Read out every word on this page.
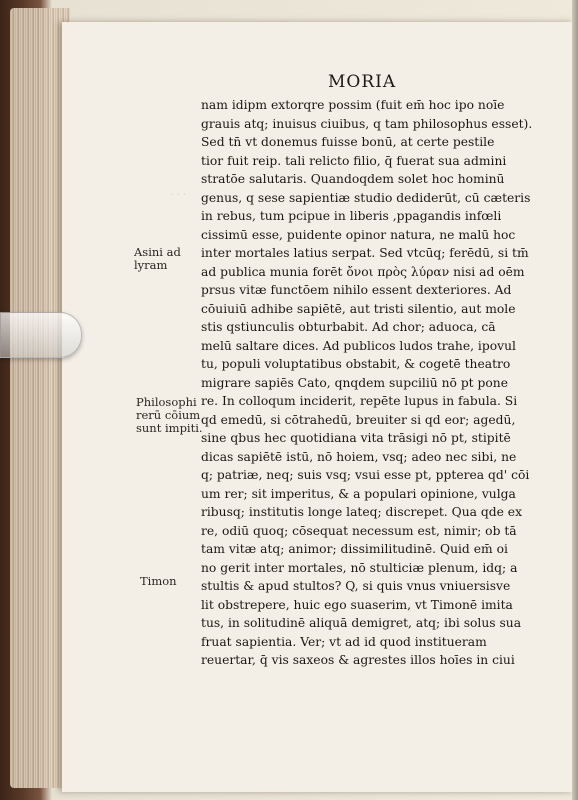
· · ·
MORIA
Asini ad
lyram
Philosophi
rerū cōium
sunt impiti.
Timon
nam idipm extorqre possim (fuit em̄ hoc ipo noīe
grauis atq; inuisus ciuibus, q tam philosophus esset).
Sed tn̄ vt donemus fuisse bonū, at certe pestile
tior fuit reip. tali relicto filio, q̄ fuerat sua admini
stratōe salutaris. Quandoqdem solet hoc hominū
genus, q sese sapientiæ studio dediderūt, cū cæteris
in rebus, tum pcipue in liberis ,ppagandis infœli
cissimū esse, puidente opinor natura, ne malū hoc
inter mortales latius serpat. Sed vtcūq; ferēdū, si tm̄
ad publica munia forēt ὄνοι πρὸς λύραν nisi ad oēm
prsus vitæ functōem nihilo essent dexteriores. Ad
cōuiuiū adhibe sapiētē, aut tristi silentio, aut mole
stis qstiunculis obturbabit. Ad chor; aduoca, cā
melū saltare dices. Ad publicos ludos trahe, ipovul
tu, populi voluptatibus obstabit, & cogetē theatro
migrare sapiēs Cato, qnqdem supciliū nō pt pone
re. In colloqum inciderit, repēte lupus in fabula. Si
qd emedū, si cōtrahedū, breuiter si qd eor; agedū,
sine qbus hec quotidiana vita trāsigi nō pt, stipitē
dicas sapiētē istū, nō hoiem, vsq; adeo nec sibi, ne
q; patriæ, neq; suis vsq; vsui esse pt, ppterea qd' cōi
um rer; sit imperitus, & a populari opinione, vulga
ribusq; institutis longe lateq; discrepet. Qua qde ex
re, odiū quoq; cōsequat necessum est, nimir; ob tā
tam vitæ atq; animor; dissimilitudinē. Quid em̄ oi
no gerit inter mortales, nō stulticiæ plenum, idq; a
stultis & apud stultos? Q, si quis vnus vniuersisve
lit obstrepere, huic ego suaserim, vt Timonē imita
tus, in solitudinē aliquā demigret, atq; ibi solus sua
fruat sapientia. Ver; vt ad id quod institueram
reuertar, q̄ vis saxeos & agrestes illos hoīes in ciui
